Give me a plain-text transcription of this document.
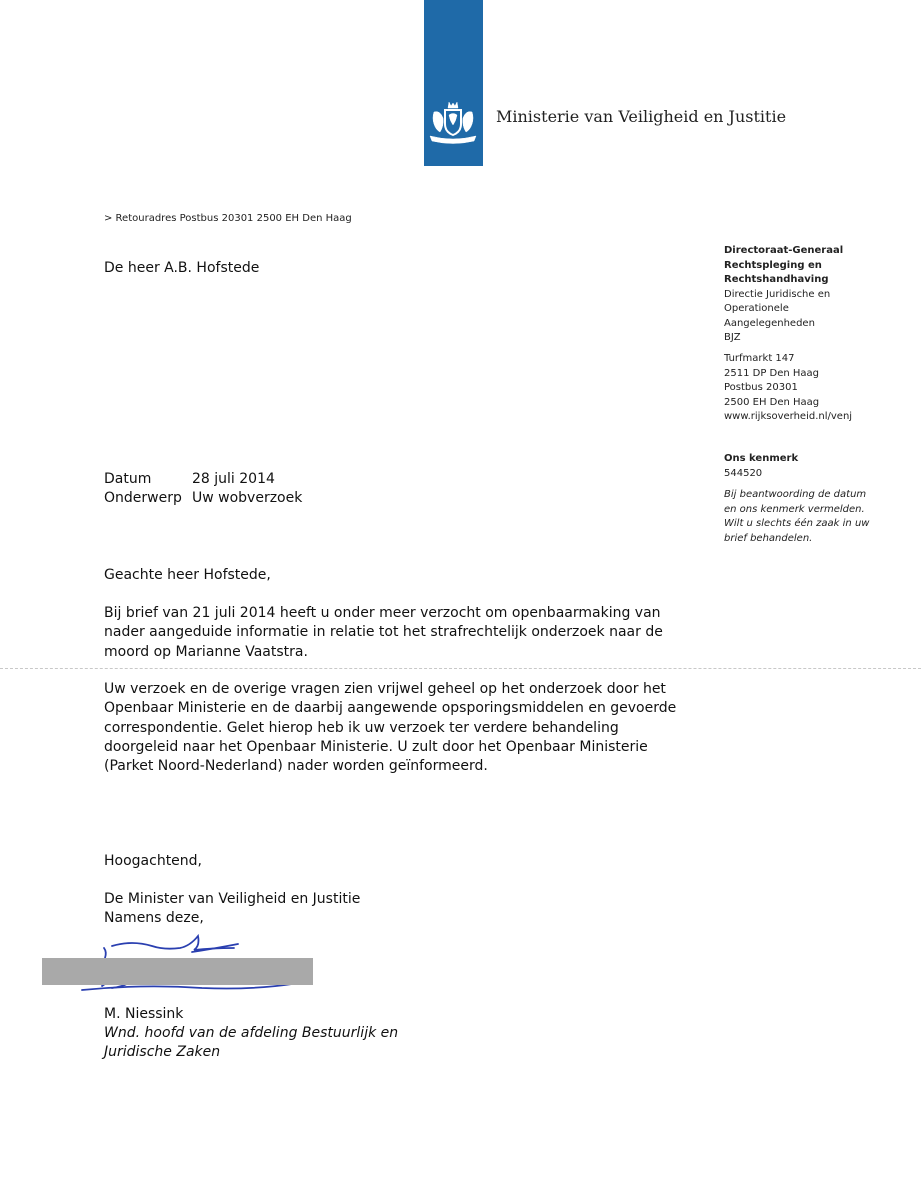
Ministerie van Veiligheid en Justitie
> Retouradres Postbus 20301 2500 EH Den Haag
De heer A.B. Hofstede
Directoraat-Generaal
Rechtspleging en
Rechtshandhaving
Directie Juridische en
Operationele
Aangelegenheden
BJZ
Turfmarkt 147
2511 DP Den Haag
Postbus 20301
2500 EH Den Haag
www.rijksoverheid.nl/venj
Ons kenmerk
544520
Bij beantwoording de datum
en ons kenmerk vermelden.
Wilt u slechts één zaak in uw
brief behandelen.
Datum	28 juli 2014
Onderwerp Uw wobverzoek

Geachte heer Hofstede,

Bij brief van 21 juli 2014 heeft u onder meer verzocht om openbaarmaking van

nader aangeduide informatie in relatie tot het strafrechtelijk onderzoek naar de

moord op Marianne Vaatstra.

Uw verzoek en de overige vragen zien vrijwel geheel op het onderzoek door het

Openbaar Ministerie en de daarbij aangewende opsporingsmiddelen en gevoerde

correspondentie. Gelet hierop heb ik uw verzoek ter verdere behandeling

doorgeleid naar het Openbaar Ministerie. U zult door het Openbaar Ministerie

(Parket Noord-Nederland) nader worden geïnformeerd.

Hoogachtend,

De Minister van Veiligheid en Justitie

Namens deze,

M. Niessink
Wnd. hoofd van de afdeling Bestuurlijk en
Juridische Zaken
